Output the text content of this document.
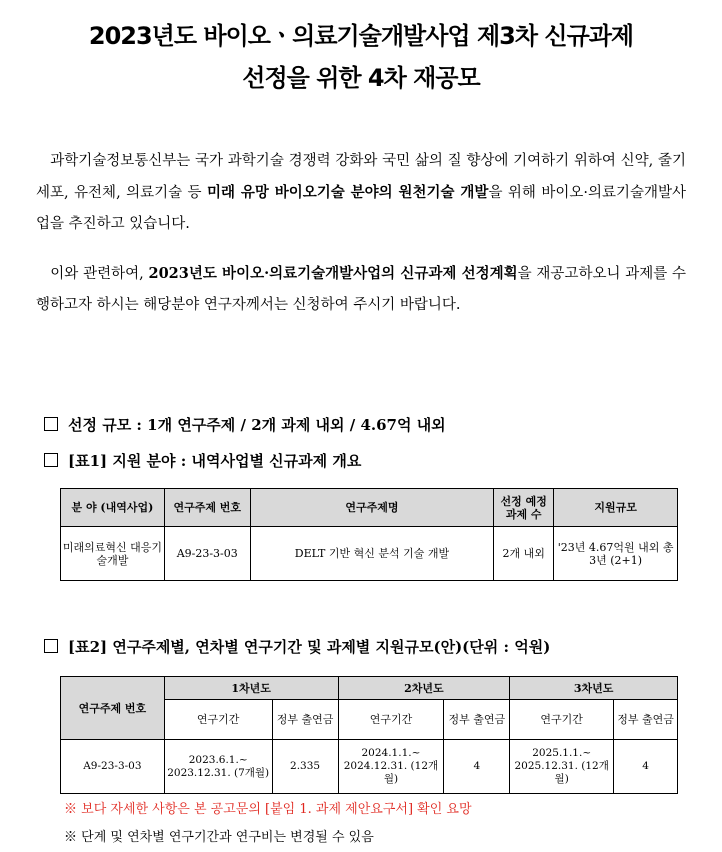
2023년도 바이오ㆍ의료기술개발사업 제3차 신규과제
선정을 위한 4차 재공모
과학기술정보통신부는 국가 과학기술 경쟁력 강화와 국민 삶의 질 향상에 기여하기 위하여 신약, 줄기세포, 유전체, 의료기술 등 미래 유망 바이오기술 분야의 원천기술 개발을 위해 바이오·의료기술개발사업을 추진하고 있습니다.
이와 관련하여, 2023년도 바이오·의료기술개발사업의 신규과제 선정계획을 재공고하오니 과제를 수행하고자 하시는 해당분야 연구자께서는 신청하여 주시기 바랍니다.
선정 규모 : 1개 연구주제 / 2개 과제 내외 / 4.67억 내외
[표1] 지원 분야 : 내역사업별 신규과제 개요
분 야 (내역사업)	연구주제 번호	연구주제명	선정 예정 과제 수	지원규모
미래의료혁신 대응기술개발	A9-23-3-03	DELT 기반 혁신 분석 기술 개발	2개 내외	'23년 4.67억원 내외 총 3년 (2+1)
[표2] 연구주제별, 연차별 연구기간 및 과제별 지원규모(안)(단위 : 억원)
연구주제 번호	1차년도		2차년도		3차년도	
	연구기간	정부 출연금	연구기간	정부 출연금	연구기간	정부 출연금
A9-23-3-03	2023.6.1.~ 2023.12.31. (7개월)	2.335	2024.1.1.~ 2024.12.31. (12개월)	4	2025.1.1.~ 2025.12.31. (12개월)	4
※ 보다 자세한 사항은 본 공고문의 [붙임 1. 과제 제안요구서] 확인 요망
※ 단계 및 연차별 연구기간과 연구비는 변경될 수 있음
